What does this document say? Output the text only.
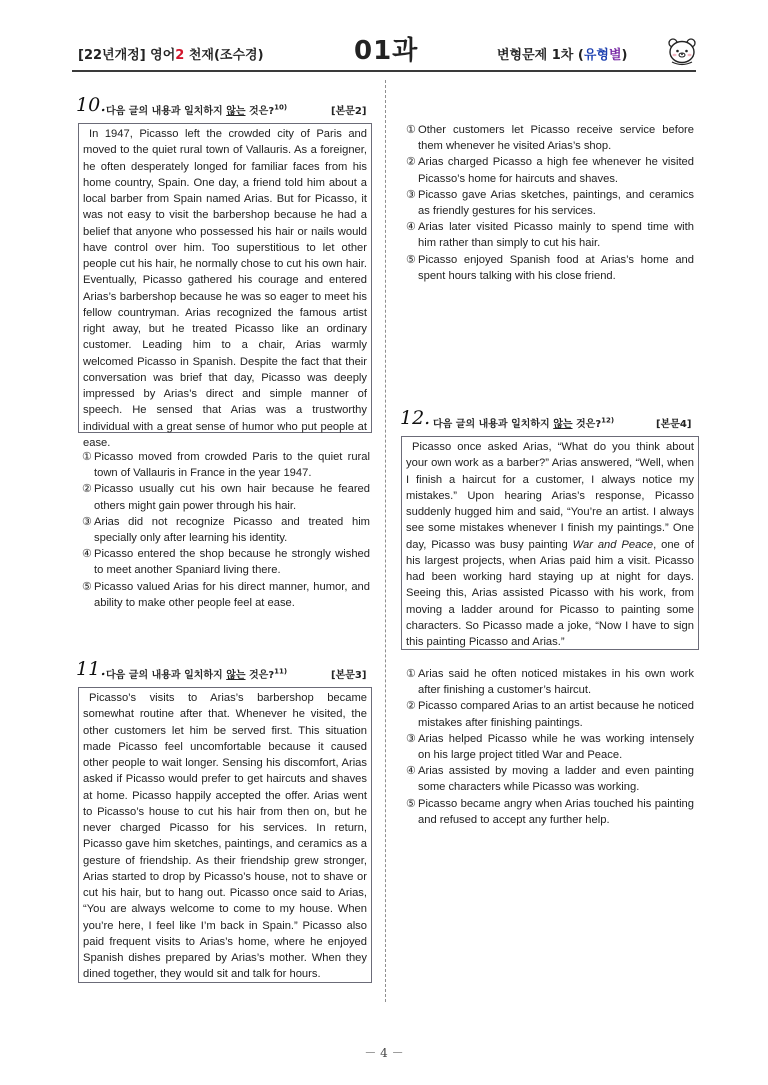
[22년개정] 영어2 천재(조수경)	01과	변형문제 1차 (유형별)
10. 다음 글의 내용과 일치하지 않는 것은?$^{10)}$	[본문2]

In 1947, Picasso left the crowded city of Paris and moved to the quiet rural town of Vallauris. As a foreigner, he often desperately longed for familiar faces from his home country, Spain. One day, a friend told him about a local barber from Spain named Arias. But for Picasso, it was not easy to visit the barbershop because he had a belief that anyone who possessed his hair or nails would have control over him. Too superstitious to let other people cut his hair, he normally chose to cut his own hair. Eventually, Picasso gathered his courage and entered Arias’s barbershop because he was so eager to meet his fellow countryman. Arias recognized the famous artist right away, but he treated Picasso like an ordinary customer. Leading him to a chair, Arias warmly welcomed Picasso in Spanish. Despite the fact that their conversation was brief that day, Picasso was deeply impressed by Arias’s direct and simple manner of speech. He sensed that Arias was a trustworthy individual with a great sense of humor who put people at ease.

① Picasso moved from crowded Paris to the quiet rural town of Vallauris in France in the year 1947.
② Picasso usually cut his own hair because he feared others might gain power through his hair.
③ Arias did not recognize Picasso and treated him specially only after learning his identity.
④ Picasso entered the shop because he strongly wished to meet another Spaniard living there.
⑤ Picasso valued Arias for his direct manner, humor, and ability to make other people feel at ease.
11. 다음 글의 내용과 일치하지 않는 것은?$^{11)}$	[본문3]

Picasso’s visits to Arias’s barbershop became somewhat routine after that. Whenever he visited, the other customers let him be served first. This situation made Picasso feel uncomfortable because it caused other people to wait longer. Sensing his discomfort, Arias asked if Picasso would prefer to get haircuts and shaves at home. Picasso happily accepted the offer. Arias went to Picasso’s house to cut his hair from then on, but he never charged Picasso for his services. In return, Picasso gave him sketches, paintings, and ceramics as a gesture of friendship. As their friendship grew stronger, Arias started to drop by Picasso’s house, not to shave or cut his hair, but to hang out. Picasso once said to Arias, “You are always welcome to come to my house. When you’re here, I feel like I’m back in Spain.” Picasso also paid frequent visits to Arias’s home, where he enjoyed Spanish dishes prepared by Arias’s mother. When they dined together, they would sit and talk for hours.

① Other customers let Picasso receive service before them whenever he visited Arias’s shop.
② Arias charged Picasso a high fee whenever he visited Picasso’s home for haircuts and shaves.
③ Picasso gave Arias sketches, paintings, and ceramics as friendly gestures for his services.
④ Arias later visited Picasso mainly to spend time with him rather than simply to cut his hair.
⑤ Picasso enjoyed Spanish food at Arias’s home and spent hours talking with his close friend.
12. 다음 글의 내용과 일치하지 않는 것은?$^{12)}$	[본문4]

Picasso once asked Arias, “What do you think about your own work as a barber?” Arias answered, “Well, when I finish a haircut for a customer, I always notice my mistakes.” Upon hearing Arias’s response, Picasso suddenly hugged him and said, “You’re an artist. I always see some mistakes whenever I finish my paintings.” One day, Picasso was busy painting War and Peace, one of his largest projects, when Arias paid him a visit. Picasso had been working hard staying up at night for days. Seeing this, Arias assisted Picasso with his work, from moving a ladder around for Picasso to painting some characters. So Picasso made a joke, “Now I have to sign this painting Picasso and Arias.”

① Arias said he often noticed mistakes in his own work after finishing a customer’s haircut.
② Picasso compared Arias to an artist because he noticed mistakes after finishing paintings.
③ Arias helped Picasso while he was working intensely on his large project titled War and Peace.
④ Arias assisted by moving a ladder and even painting some characters while Picasso was working.
⑤ Picasso became angry when Arias touched his painting and refused to accept any further help.
－ 4 －
